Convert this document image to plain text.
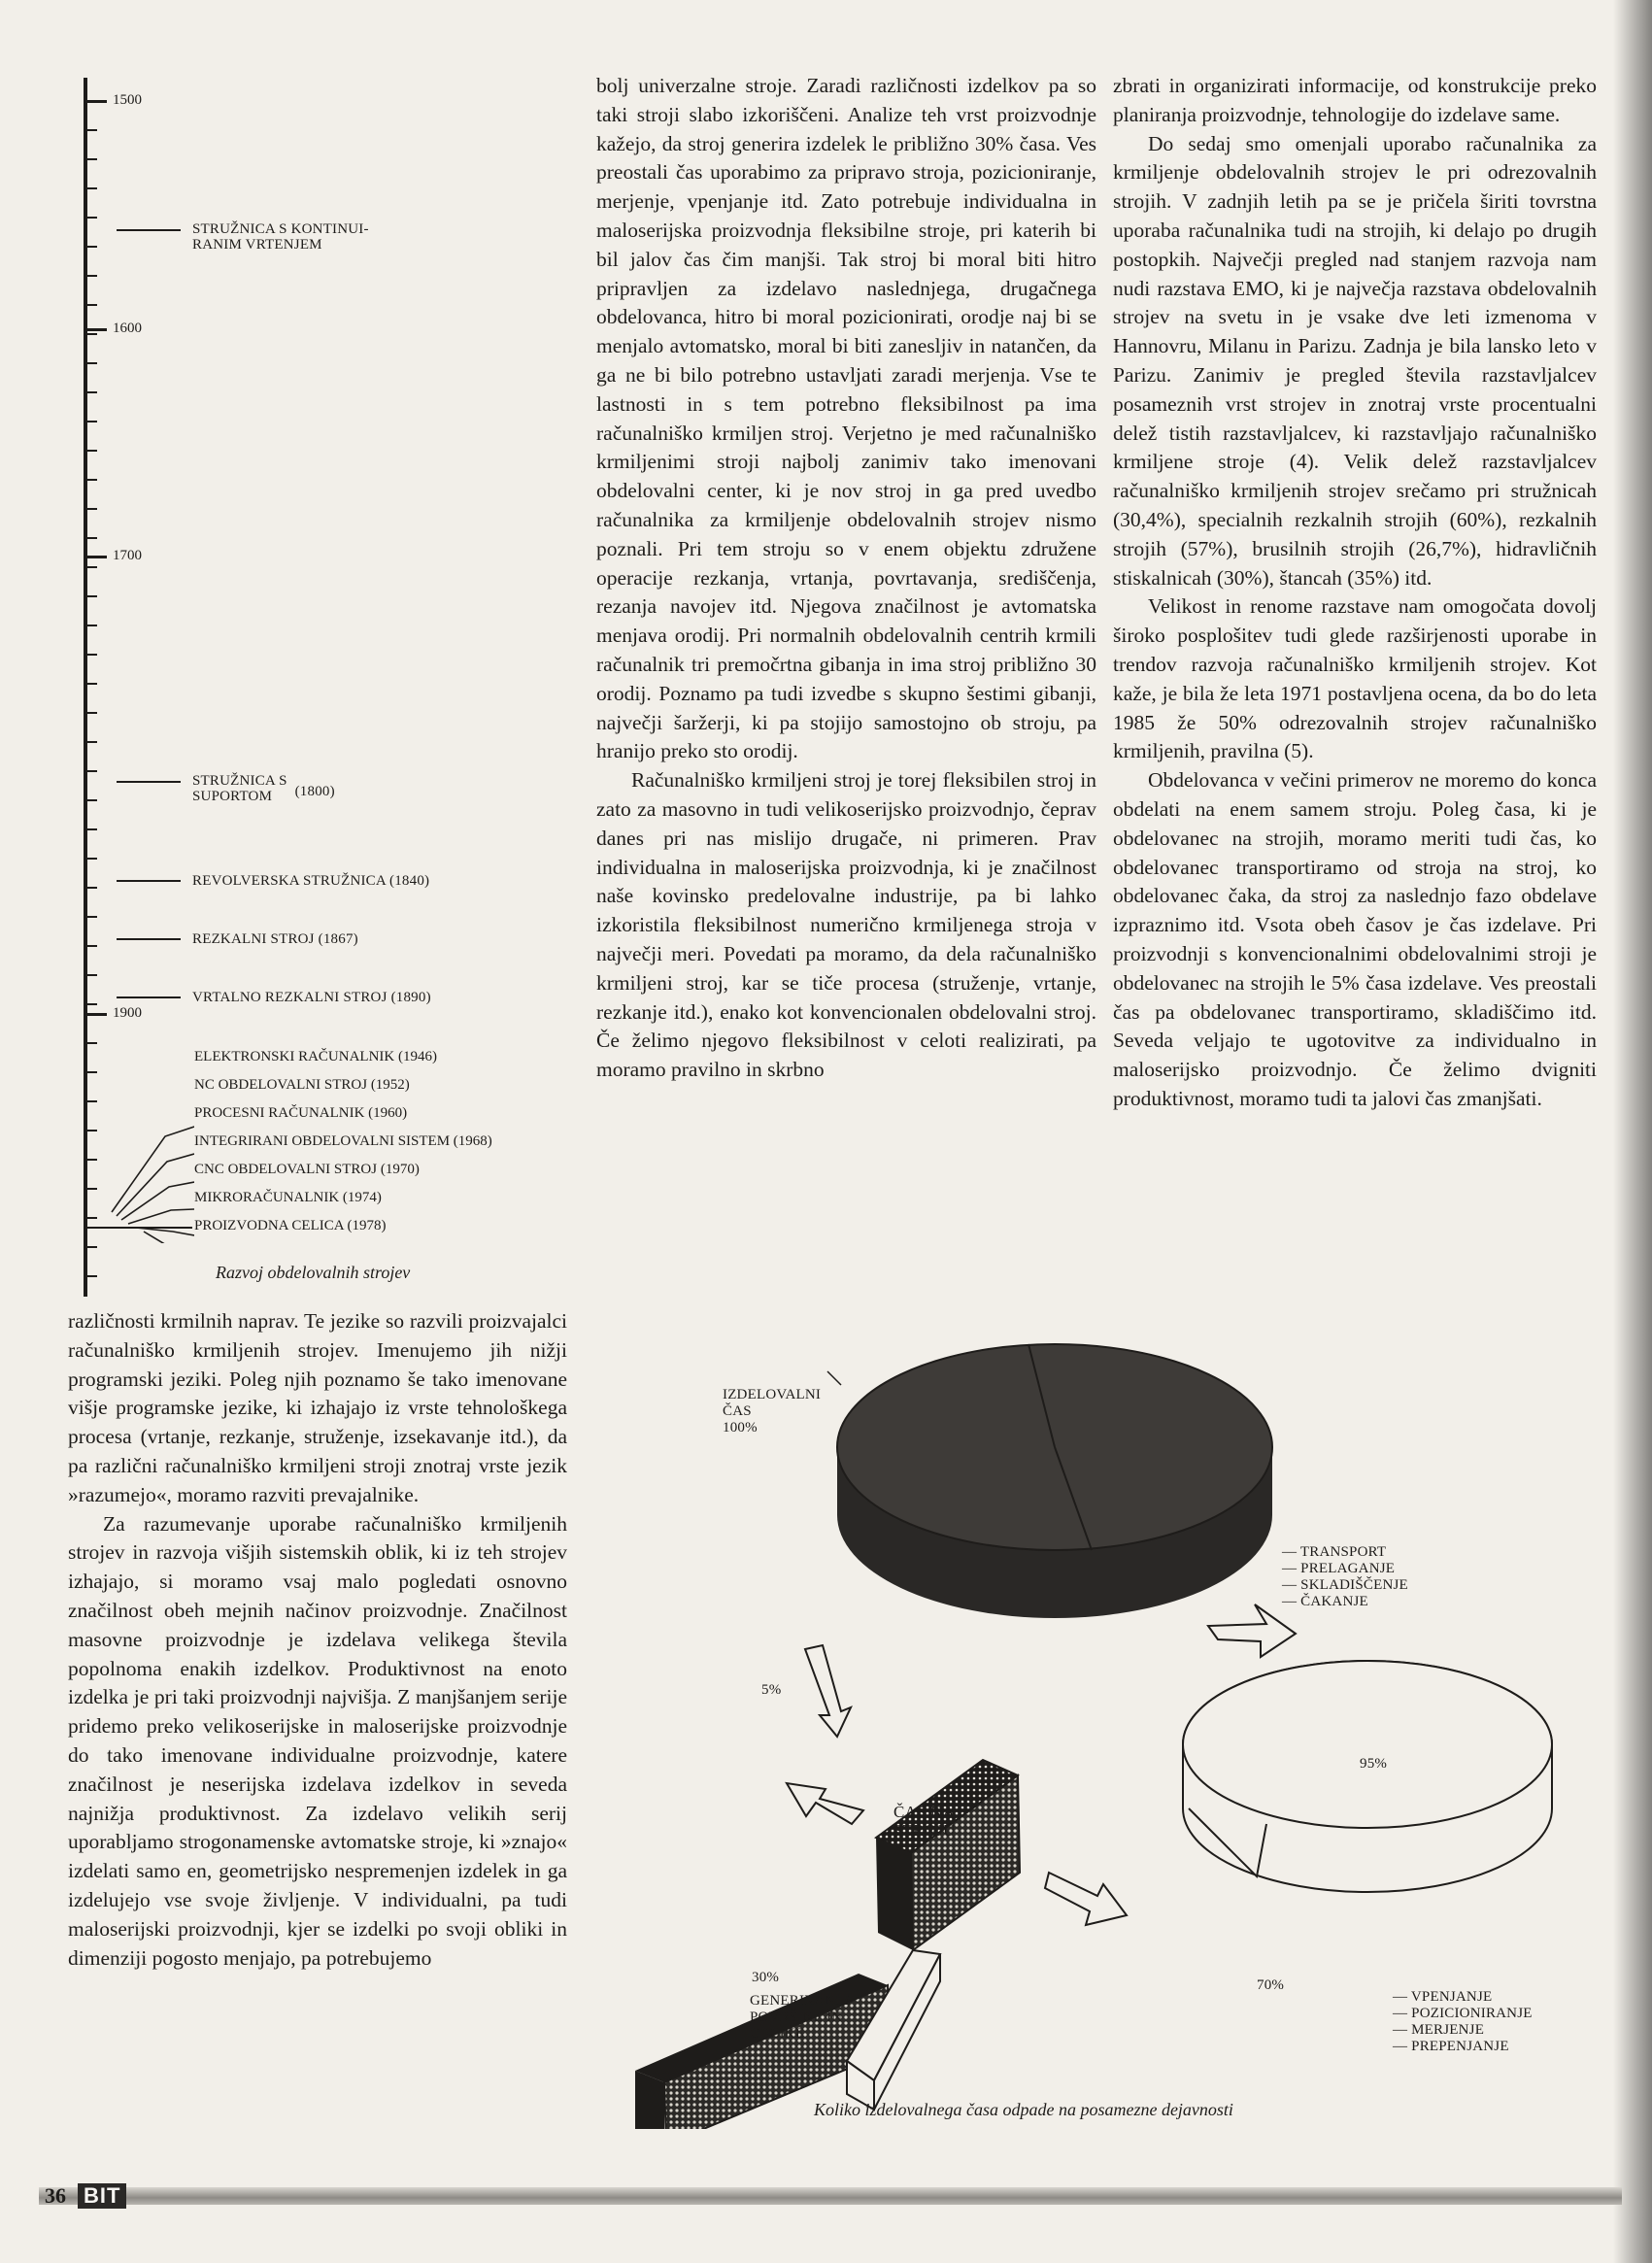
1500
1600
1700
1900
STRUŽNICA S KONTINUI-
RANIM VRTENJEM
STRUŽNICA S
SUPORTOM (1800)
REVOLVERSKA STRUŽNICA (1840)
REZKALNI STROJ (1867)
VRTALNO REZKALNI STROJ (1890)
ELEKTRONSKI RAČUNALNIK (1946)
NC OBDELOVALNI STROJ (1952)
PROCESNI RAČUNALNIK (1960)
INTEGRIRANI OBDELOVALNI SISTEM (1968)
CNC OBDELOVALNI STROJ (1970)
MIKRORAČUNALNIK (1974)
PROIZVODNA CELICA (1978)
Razvoj obdelovalnih strojev

različnosti krmilnih naprav. Te jezike so razvili proizvajalci računalniško krmiljenih strojev. Imenujemo jih nižji programski jeziki. Poleg njih poznamo še tako imenovane višje programske jezike, ki izhajajo iz vrste tehnološkega procesa (vrtanje, rezkanje, struženje, izsekavanje itd.), da pa različni računalniško krmiljeni stroji znotraj vrste jezik »razumejo«, moramo razviti prevajalnike.

Za razumevanje uporabe računalniško krmiljenih strojev in razvoja višjih sistemskih oblik, ki iz teh strojev izhajajo, si moramo vsaj malo pogledati osnovno značilnost obeh mejnih načinov proizvodnje. Značilnost masovne proizvodnje je izdelava velikega števila popolnoma enakih izdelkov. Produktivnost na enoto izdelka je pri taki proizvodnji najvišja. Z manjšanjem serije pridemo preko velikoserijske in maloserijske proizvodnje do tako imenovane individualne proizvodnje, katere značilnost je neserijska izdelava izdelkov in seveda najnižja produktivnost. Za izdelavo velikih serij uporabljamo strogonamenske avtomatske stroje, ki »znajo« izdelati samo en, geometrijsko nespremenjen izdelek in ga izdelujejo vse svoje življenje. V individualni, pa tudi maloserijski proizvodnji, kjer se izdelki po svoji obliki in dimenziji pogosto menjajo, pa potrebujemo

bolj univerzalne stroje. Zaradi različnosti izdelkov pa so taki stroji slabo izkoriščeni. Analize teh vrst proizvodnje kažejo, da stroj generira izdelek le približno 30% časa. Ves preostali čas uporabimo za pripravo stroja, pozicioniranje, merjenje, vpenjanje itd. Zato potrebuje individualna in maloserijska proizvodnja fleksibilne stroje, pri katerih bi bil jalov čas čim manjši. Tak stroj bi moral biti hitro pripravljen za izdelavo naslednjega, drugačnega obdelovanca, hitro bi moral pozicionirati, orodje naj bi se menjalo avtomatsko, moral bi biti zanesljiv in natančen, da ga ne bi bilo potrebno ustavljati zaradi merjenja. Vse te lastnosti in s tem potrebno fleksibilnost pa ima računalniško krmiljen stroj. Verjetno je med računalniško krmiljenimi stroji najbolj zanimiv tako imenovani obdelovalni center, ki je nov stroj in ga pred uvedbo računalnika za krmiljenje obdelovalnih strojev nismo poznali. Pri tem stroju so v enem objektu združene operacije rezkanja, vrtanja, povrtavanja, središčenja, rezanja navojev itd. Njegova značilnost je avtomatska menjava orodij. Pri normalnih obdelovalnih centrih krmili računalnik tri premočrtna gibanja in ima stroj približno 30 orodij. Poznamo pa tudi izvedbe s skupno šestimi gibanji, največji šaržerji, ki pa stojijo samostojno ob stroju, pa hranijo preko sto orodij.

Računalniško krmiljeni stroj je torej fleksibilen stroj in zato za masovno in tudi velikoserijsko proizvodnjo, čeprav danes pri nas mislijo drugače, ni primeren. Prav individualna in maloserijska proizvodnja, ki je značilnost naše kovinsko predelovalne industrije, pa bi lahko izkoristila fleksibilnost numerično krmiljenega stroja v največji meri. Povedati pa moramo, da dela računalniško krmiljeni stroj, kar se tiče procesa (struženje, vrtanje, rezkanje itd.), enako kot konvencionalen obdelovalni stroj. Če želimo njegovo fleksibilnost v celoti realizirati, pa moramo pravilno in skrbno

zbrati in organizirati informacije, od konstrukcije preko planiranja proizvodnje, tehnologije do izdelave same.

Do sedaj smo omenjali uporabo računalnika za krmiljenje obdelovalnih strojev le pri odrezovalnih strojih. V zadnjih letih pa se je pričela širiti tovrstna uporaba računalnika tudi na strojih, ki delajo po drugih postopkih. Največji pregled nad stanjem razvoja nam nudi razstava EMO, ki je največja razstava obdelovalnih strojev na svetu in je vsake dve leti izmenoma v Hannovru, Milanu in Parizu. Zadnja je bila lansko leto v Parizu. Zanimiv je pregled števila razstavljalcev posameznih vrst strojev in znotraj vrste procentualni delež tistih razstavljalcev, ki razstavljajo računalniško krmiljene stroje (4). Velik delež razstavljalcev računalniško krmiljenih strojev srečamo pri stružnicah (30,4%), specialnih rezkalnih strojih (60%), rezkalnih strojih (57%), brusilnih strojih (26,7%), hidravličnih stiskalnicah (30%), štancah (35%) itd.

Velikost in renome razstave nam omogočata dovolj široko posplošitev tudi glede razširjenosti uporabe in trendov razvoja računalniško krmiljenih strojev. Kot kaže, je bila že leta 1971 postavljena ocena, da bo do leta 1985 že 50% odrezovalnih strojev računalniško krmiljenih, pravilna (5).

Obdelovanca v večini primerov ne moremo do konca obdelati na enem samem stroju. Poleg časa, ki je obdelovanec na strojih, moramo meriti tudi čas, ko obdelovanec transportiramo od stroja na stroj, ko obdelovanec čaka, da stroj za naslednjo fazo obdelave izpraznimo itd. Vsota obeh časov je čas izdelave. Pri proizvodnji s konvencionalnimi obdelovalnimi stroji je obdelovanec na strojih le 5% časa izdelave. Ves preostali čas pa obdelovanec transportiramo, skladiščimo itd. Seveda veljajo te ugotovitve za individualno in maloserijsko proizvodnjo. Če želimo dvigniti produktivnost, moramo tudi ta jalovi čas zmanjšati.

IZDELOVALNI
ČAS
100%
— TRANSPORT
— PRELAGANJE
— SKLADIŠČENJE
— ČAKANJE
5%
95%
ČAS NA
STROJU
30%
GENERIRANJE
POVRŠINE IN
OBLIKE
70%
— VPENJANJE
— POZICIONIRANJE
— MERJENJE
— PREPENJANJE
Koliko izdelovalnega časa odpade na posamezne dejavnosti
36 BIT
